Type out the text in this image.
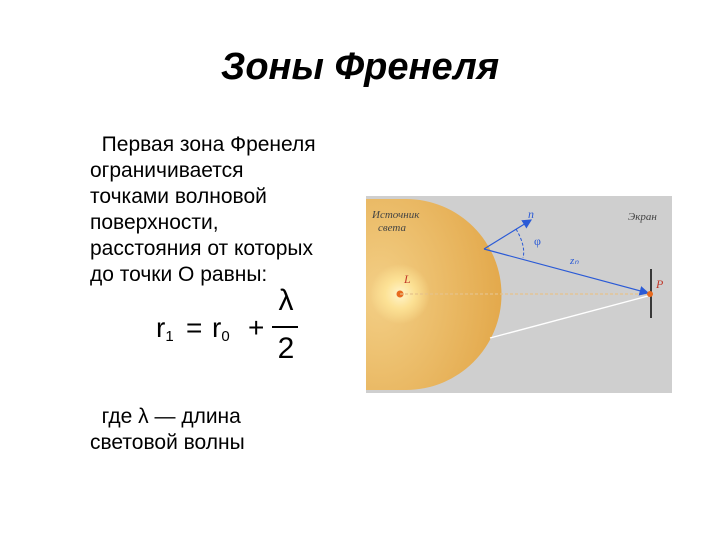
Зоны Френеля
Первая зона Френеля
ограничивается
точками волновой
поверхности,
расстояния от которых
до точки О равны:
$r_1 = r_0$ +
λ
2
где λ — длина
световой волны
Источник
света
Экран
n
φ
zₙ
L	P
